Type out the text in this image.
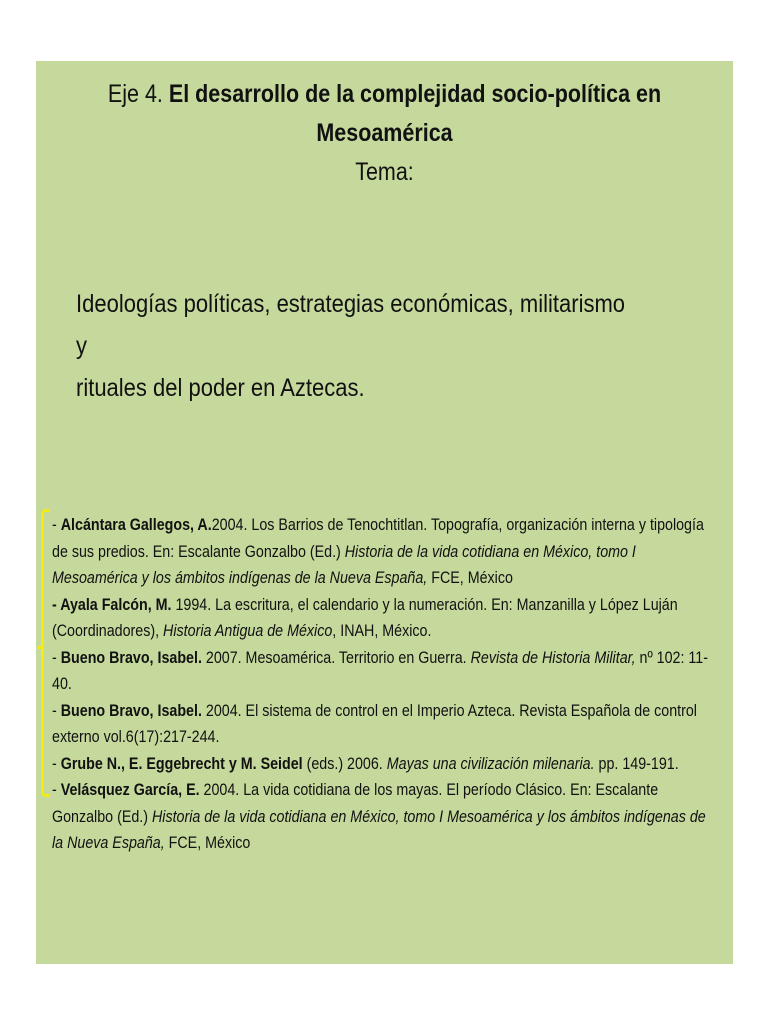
Eje 4. El desarrollo de la complejidad socio-política en
Mesoamérica
Tema:
Ideologías políticas, estrategias económicas, militarismo y
rituales del poder en Aztecas.

- Alcántara Gallegos, A.2004. Los Barrios de Tenochtitlan. Topografía, organización interna y tipología de sus predios. En: Escalante Gonzalbo (Ed.) Historia de la vida cotidiana en México, tomo I Mesoamérica y los ámbitos indígenas de la Nueva España, FCE, México

- Ayala Falcón, M. 1994. La escritura, el calendario y la numeración. En: Manzanilla y López Luján (Coordinadores), Historia Antigua de México, INAH, México.

- Bueno Bravo, Isabel. 2007. Mesoamérica. Territorio en Guerra. Revista de Historia Militar, nº 102: 11-40.

- Bueno Bravo, Isabel. 2004. El sistema de control en el Imperio Azteca. Revista Española de control externo vol.6(17):217-244.

- Grube N., E. Eggebrecht y M. Seidel (eds.) 2006. Mayas una civilización milenaria. pp. 149-191.

- Velásquez García, E. 2004. La vida cotidiana de los mayas. El período Clásico. En: Escalante Gonzalbo (Ed.) Historia de la vida cotidiana en México, tomo I Mesoamérica y los ámbitos indígenas de la Nueva España, FCE, México
